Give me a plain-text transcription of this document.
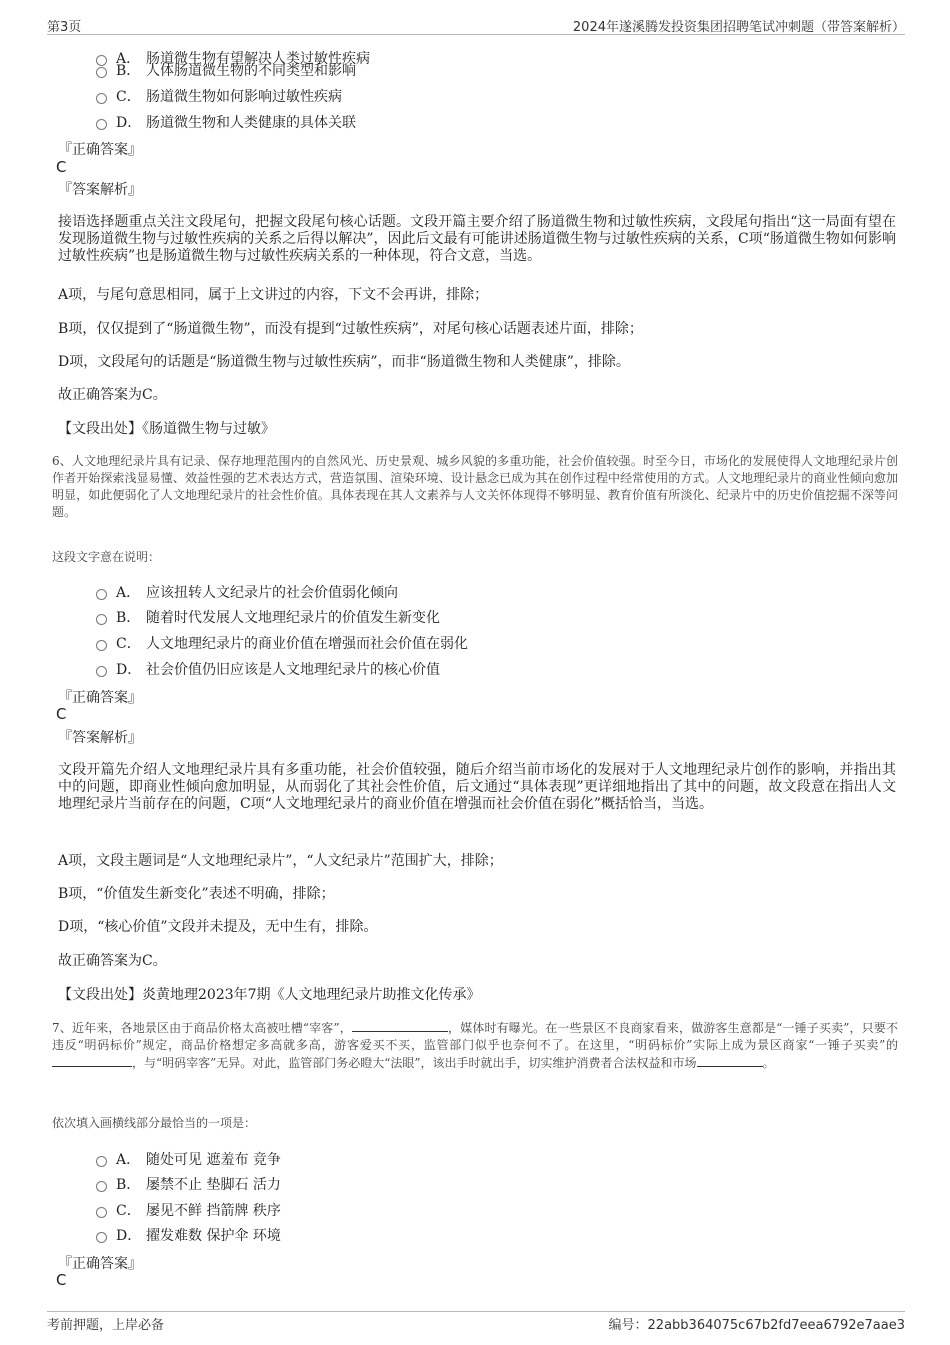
第3页	2024年遂溪腾发投资集团招聘笔试冲刺题（带答案解析）
A． 肠道微生物有望解决人类过敏性疾病
B． 人体肠道微生物的不同类型和影响
C． 肠道微生物如何影响过敏性疾病
D． 肠道微生物和人类健康的具体关联
『正确答案』
C
『答案解析』
接语选择题重点关注文段尾句，把握文段尾句核心话题。文段开篇主要介绍了肠道微生物和过敏性疾病，文段尾句指出“这一局面有望在发现肠道微生物与过敏性疾病的关系之后得以解决”，因此后文最有可能讲述肠道微生物与过敏性疾病的关系，C项“肠道微生物如何影响过敏性疾病”也是肠道微生物与过敏性疾病关系的一种体现，符合文意，当选。
A项，与尾句意思相同，属于上文讲过的内容，下文不会再讲，排除；
B项，仅仅提到了“肠道微生物”，而没有提到“过敏性疾病”，对尾句核心话题表述片面，排除；
D项，文段尾句的话题是“肠道微生物与过敏性疾病”，而非“肠道微生物和人类健康”，排除。
故正确答案为C。
【文段出处】《肠道微生物与过敏》
6、人文地理纪录片具有记录、保存地理范围内的自然风光、历史景观、城乡风貌的多重功能，社会价值较强。时至今日，市场化的发展使得人文地理纪录片创作者开始探索浅显易懂、效益性强的艺术表达方式，营造氛围、渲染环境、设计悬念已成为其在创作过程中经常使用的方式。人文地理纪录片的商业性倾向愈加明显，如此便弱化了人文地理纪录片的社会性价值。具体表现在其人文素养与人文关怀体现得不够明显、教育价值有所淡化、纪录片中的历史价值挖掘不深等问题。
这段文字意在说明：
A． 应该扭转人文纪录片的社会价值弱化倾向
B． 随着时代发展人文地理纪录片的价值发生新变化
C． 人文地理纪录片的商业价值在增强而社会价值在弱化
D． 社会价值仍旧应该是人文地理纪录片的核心价值
『正确答案』
C
『答案解析』
文段开篇先介绍人文地理纪录片具有多重功能，社会价值较强，随后介绍当前市场化的发展对于人文地理纪录片创作的影响，并指出其中的问题，即商业性倾向愈加明显，从而弱化了其社会性价值，后文通过“具体表现”更详细地指出了其中的问题，故文段意在指出人文地理纪录片当前存在的问题，C项“人文地理纪录片的商业价值在增强而社会价值在弱化”概括恰当，当选。
A项，文段主题词是“人文地理纪录片”，“人文纪录片”范围扩大，排除；
B项，“价值发生新变化”表述不明确，排除；
D项，“核心价值”文段并未提及，无中生有，排除。
故正确答案为C。
【文段出处】炎黄地理2023年7期《人文地理纪录片助推文化传承》
7、近年来，各地景区由于商品价格太高被吐槽“宰客”，	，媒体时有曝光。在一些景区不良商家看来，做游客生意都是“一锤子买卖”，只要不违反“明码标价”规定，商品价格想定多高就多高，游客爱买不买，监管部门似乎也奈何不了。在这里，“明码标价”实际上成为景区商家“一锤子买卖”的，与“明码宰客”无异。对此，监管部门务必瞪大“法眼”，该出手时就出手，切实维护消费者合法权益和市场	。
依次填入画横线部分最恰当的一项是：
A． 随处可见 遮羞布 竞争
B． 屡禁不止 垫脚石 活力
C． 屡见不鲜 挡箭牌 秩序
D． 擢发难数 保护伞 环境
『正确答案』
C
考前押题，上岸必备	编号：22abb364075c67b2fd7eea6792e7aae3
